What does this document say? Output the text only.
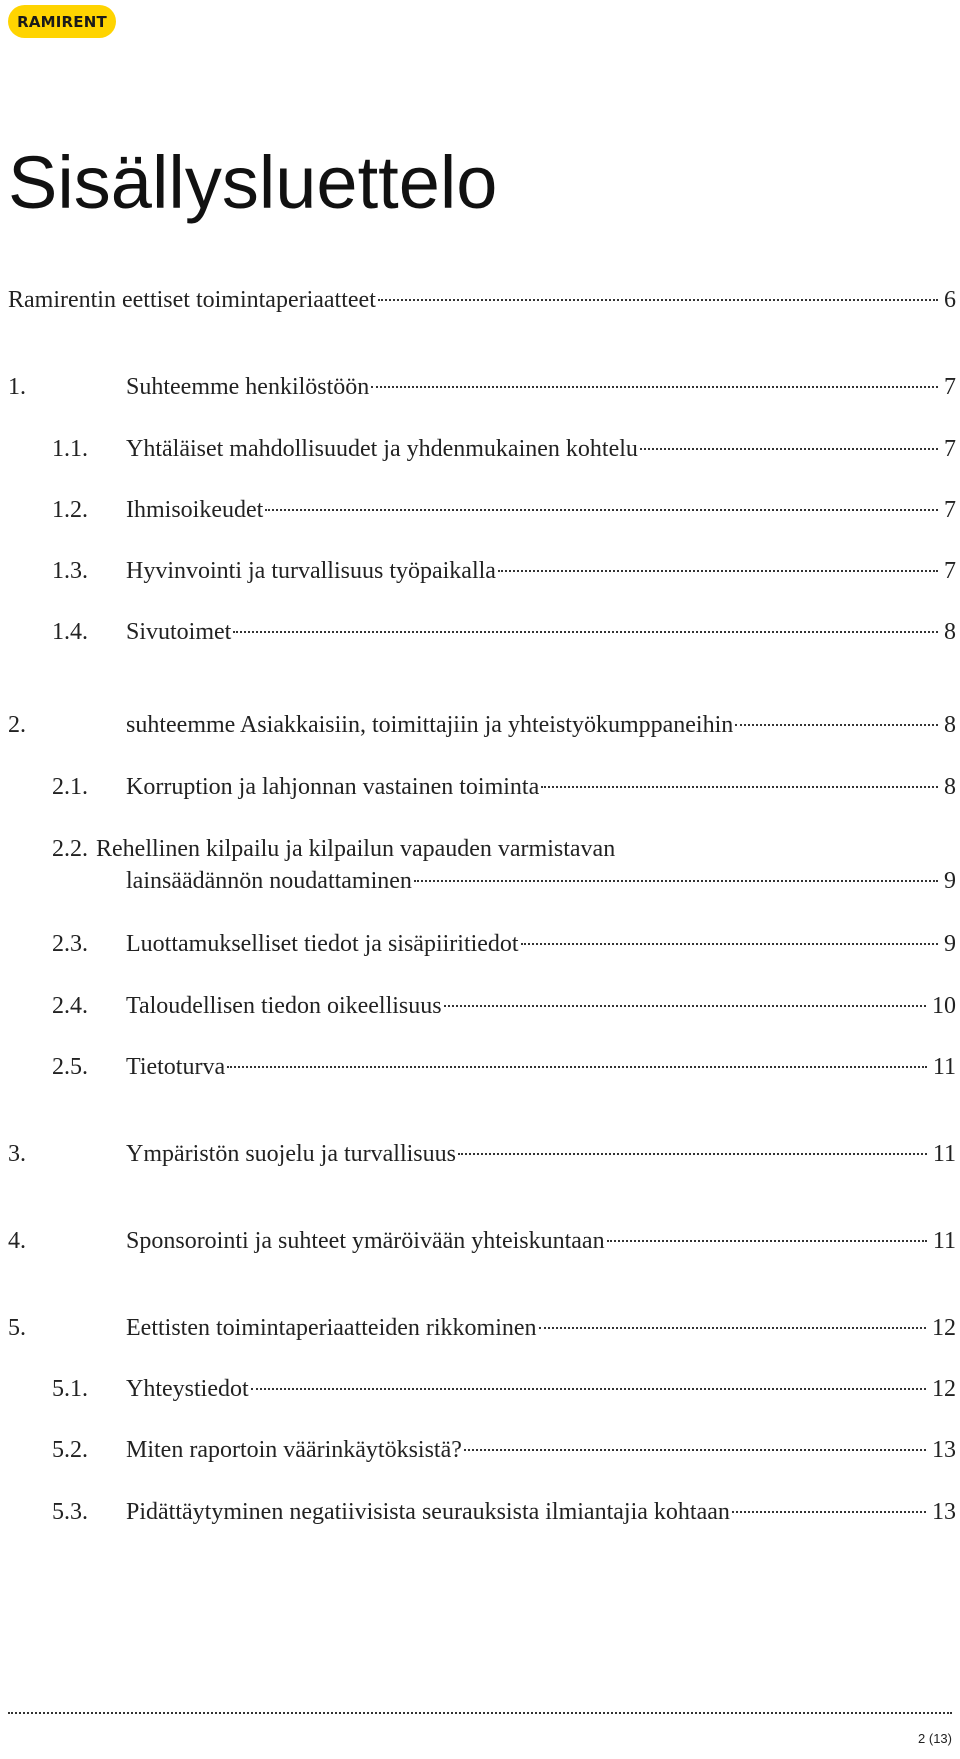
RAMIRENT
Sisällysluettelo
Ramirentin eettiset toimintaperiaatteet	6
1.	Suhteemme henkilöstöön	7
1.1. Yhtäläiset mahdollisuudet ja yhdenmukainen kohtelu	7
1.2. Ihmisoikeudet	7
1.3. Hyvinvointi ja turvallisuus työpaikalla	7
1.4. Sivutoimet	8
2.	suhteemme Asiakkaisiin, toimittajiin ja yhteistyökumppaneihin	8
2.1. Korruption ja lahjonnan vastainen toiminta	8
2.2. Rehellinen kilpailu ja kilpailun vapauden varmistavan
lainsäädännön noudattaminen	9
2.3. Luottamukselliset tiedot ja sisäpiiritiedot	9
2.4. Taloudellisen tiedon oikeellisuus	10
2.5. Tietoturva	11
3.	Ympäristön suojelu ja turvallisuus	11
4.	Sponsorointi ja suhteet ymäröivään yhteiskuntaan	11
5.	Eettisten toimintaperiaatteiden rikkominen	12
5.1. Yhteystiedot	12
5.2. Miten raportoin väärinkäytöksistä?	13
5.3. Pidättäytyminen negatiivisista seurauksista ilmiantajia kohtaan	13
2 (13)
